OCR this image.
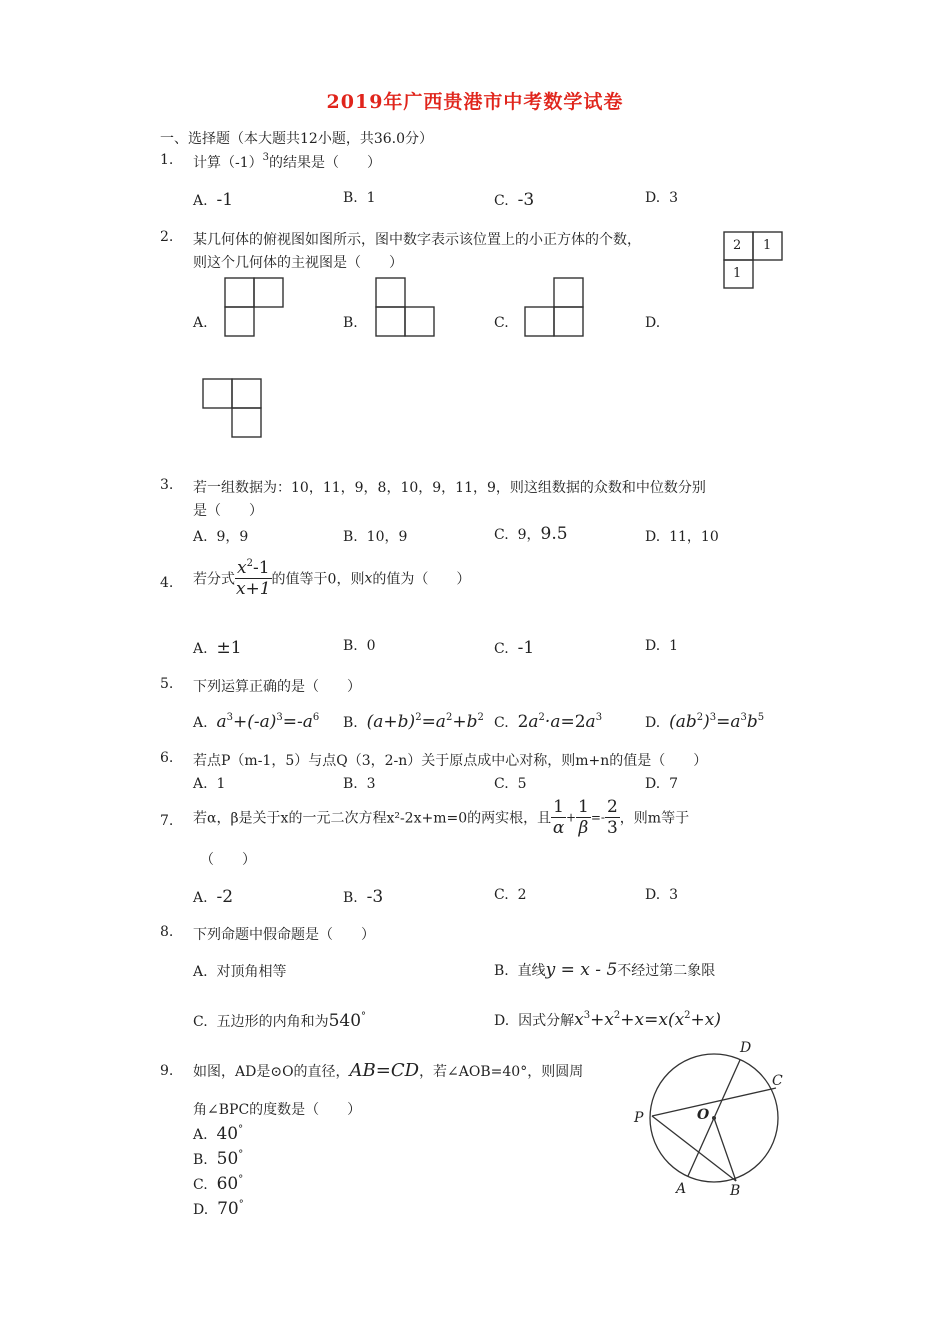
2019年广西贵港市中考数学试卷
一、选择题（本大题共12小题，共36.0分）
1. 计算$(-1)^3$的结果是（　　）
A. -1	B. 1	C. -3	D. 3
2. 某几何体的俯视图如图所示，图中数字表示该位置上的小正方体的个数，
则这个几何体的主视图是（　　）
2 1
1
A.	B.	C.	D.
3. 若一组数据为：10，11，9，8，10，9，11，9，则这组数据的众数和中位数分别
是（　　）
A. 9，9	B. 10，9	C. 9，9.5	D. 11，10
4. 若分式 $\frac{x^2-1}{x+1}$ 的值等于0，则x的值为（　　）
A. ±1	B. 0	C. -1	D. 1
5. 下列运算正确的是（　　）
A. $a^3+(-a)^3=-a^6$ B. $(a+b)^2=a^2+b^2$ C. $2a^2\cdot a=2a^3$	D. $(ab^2)^3=a^3b^5$
6. 若点P（m-1，5）与点Q（3，2-n）关于原点成中心对称，则m+n的值是（　　）
A. 1	B. 3	C. 5	D. 7
7. 若α，β是关于x的一元二次方程x²-2x+m=0的两实根，且 $\frac{1}{\alpha} + \frac{1}{\beta} =- \frac{2}{3}$ ，则m等于
（　　）
A. -2	B. -3	C. 2	D. 3
8. 下列命题中假命题是（　　）
A. 对顶角相等	B. 直线y = x - 5不经过第二象限
C. 五边形的内角和为540°	D. 因式分解$x^3+x^2+x=x(x^2+x)$
9. 如图，AD是⊙O的直径，AB=CD，若∠AOB=40°，则圆周
角∠BPC的度数是（　　）
A. 40°
B. 50°
C. 60°
D. 70°
D
C
P	O
A	B
